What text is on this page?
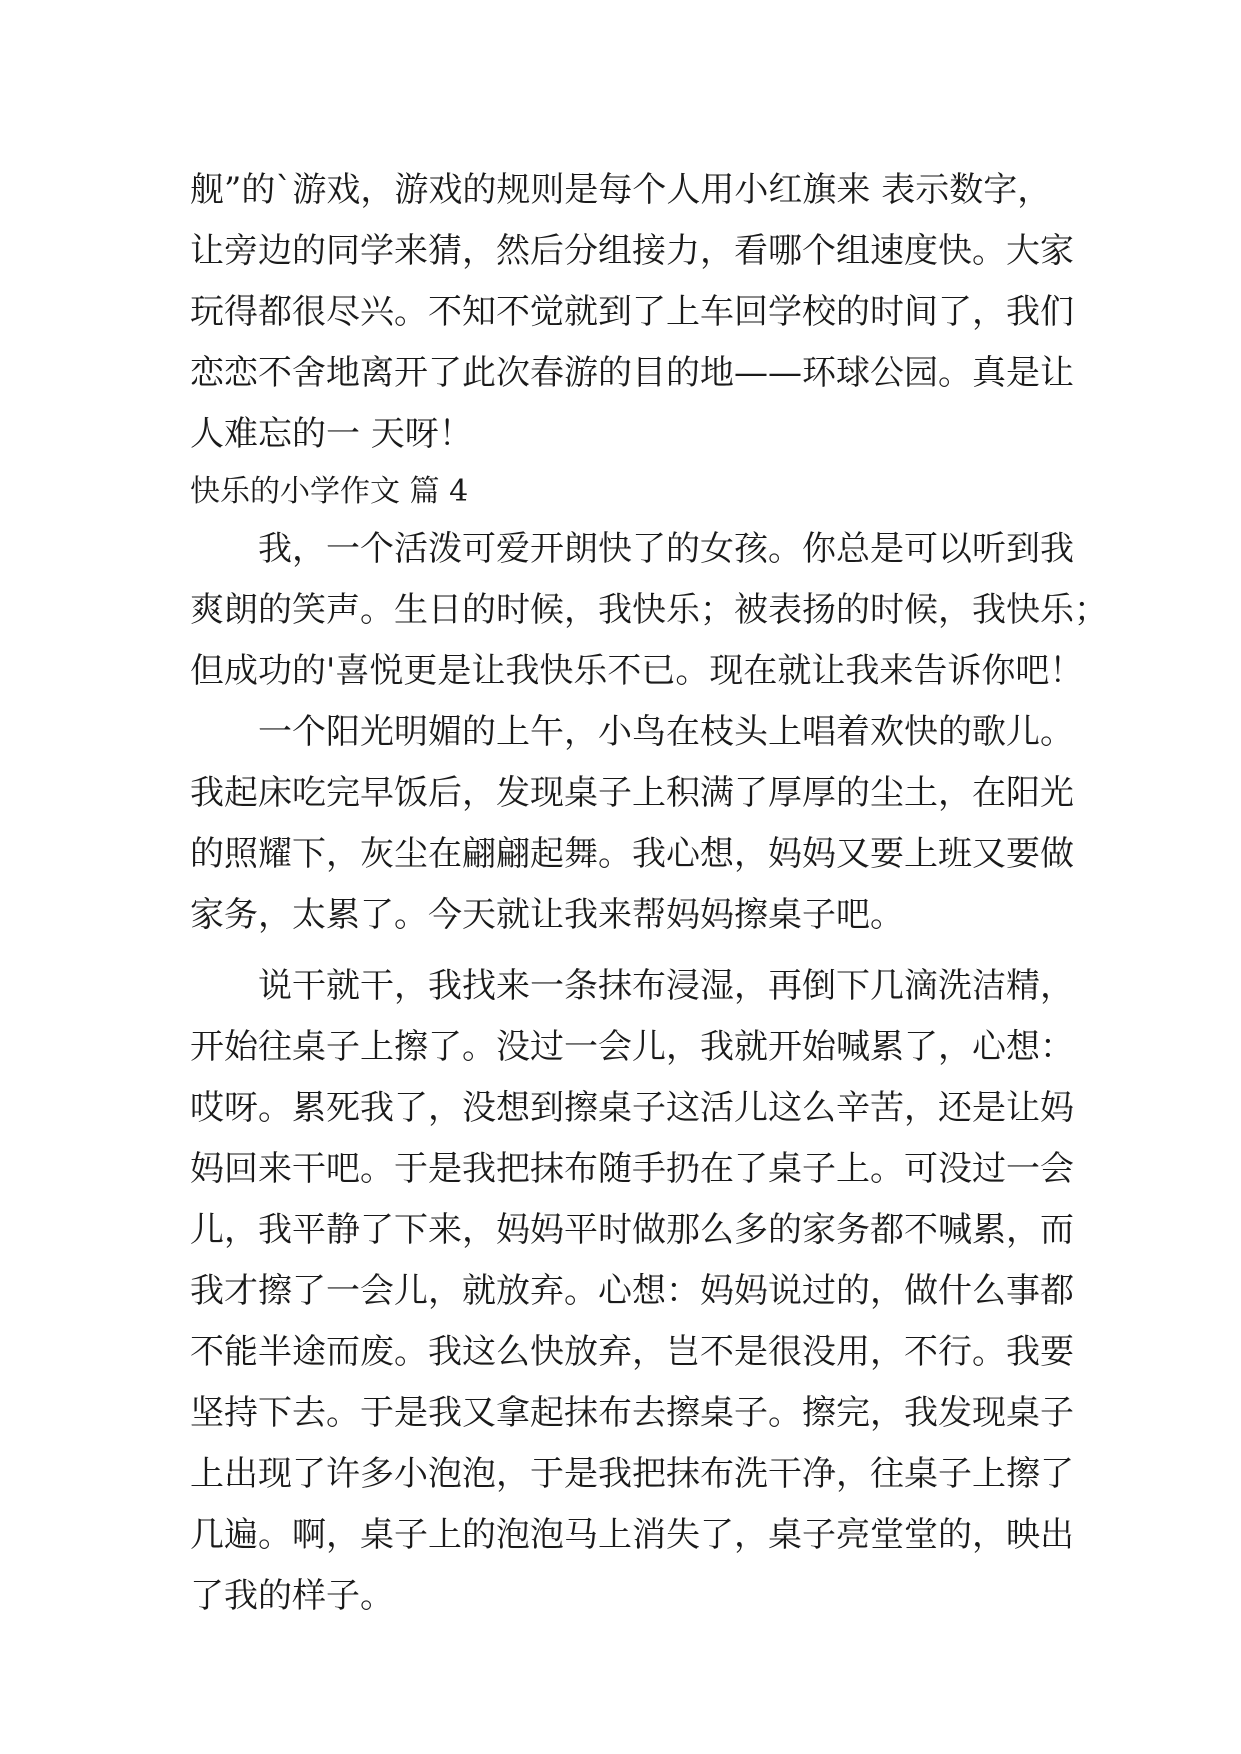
舰”的`游戏，游戏的规则是每个人用小红旗来 表示数字，
让旁边的同学来猜，然后分组接力，看哪个组速度快。大家
玩得都很尽兴。不知不觉就到了上车回学校的时间了，我们
恋恋不舍地离开了此次春游的目的地——环球公园。真是让
人难忘的一 天呀！
快乐的小学作文 篇 4
　　我，一个活泼可爱开朗快了的女孩。你总是可以听到我
爽朗的笑声。生日的时候，我快乐；被表扬的时候，我快乐；
但成功的'喜悦更是让我快乐不已。现在就让我来告诉你吧！
　　一个阳光明媚的上午，小鸟在枝头上唱着欢快的歌儿。
我起床吃完早饭后，发现桌子上积满了厚厚的尘土，在阳光
的照耀下，灰尘在翩翩起舞。我心想，妈妈又要上班又要做
家务，太累了。今天就让我来帮妈妈擦桌子吧。
　　说干就干，我找来一条抹布浸湿，再倒下几滴洗洁精，
开始往桌子上擦了。没过一会儿，我就开始喊累了，心想：
哎呀。累死我了，没想到擦桌子这活儿这么辛苦，还是让妈
妈回来干吧。于是我把抹布随手扔在了桌子上。可没过一会
儿，我平静了下来，妈妈平时做那么多的家务都不喊累，而
我才擦了一会儿，就放弃。心想：妈妈说过的，做什么事都
不能半途而废。我这么快放弃，岂不是很没用，不行。我要
坚持下去。于是我又拿起抹布去擦桌子。擦完，我发现桌子
上出现了许多小泡泡，于是我把抹布洗干净，往桌子上擦了
几遍。啊，桌子上的泡泡马上消失了，桌子亮堂堂的，映出
了我的样子。
